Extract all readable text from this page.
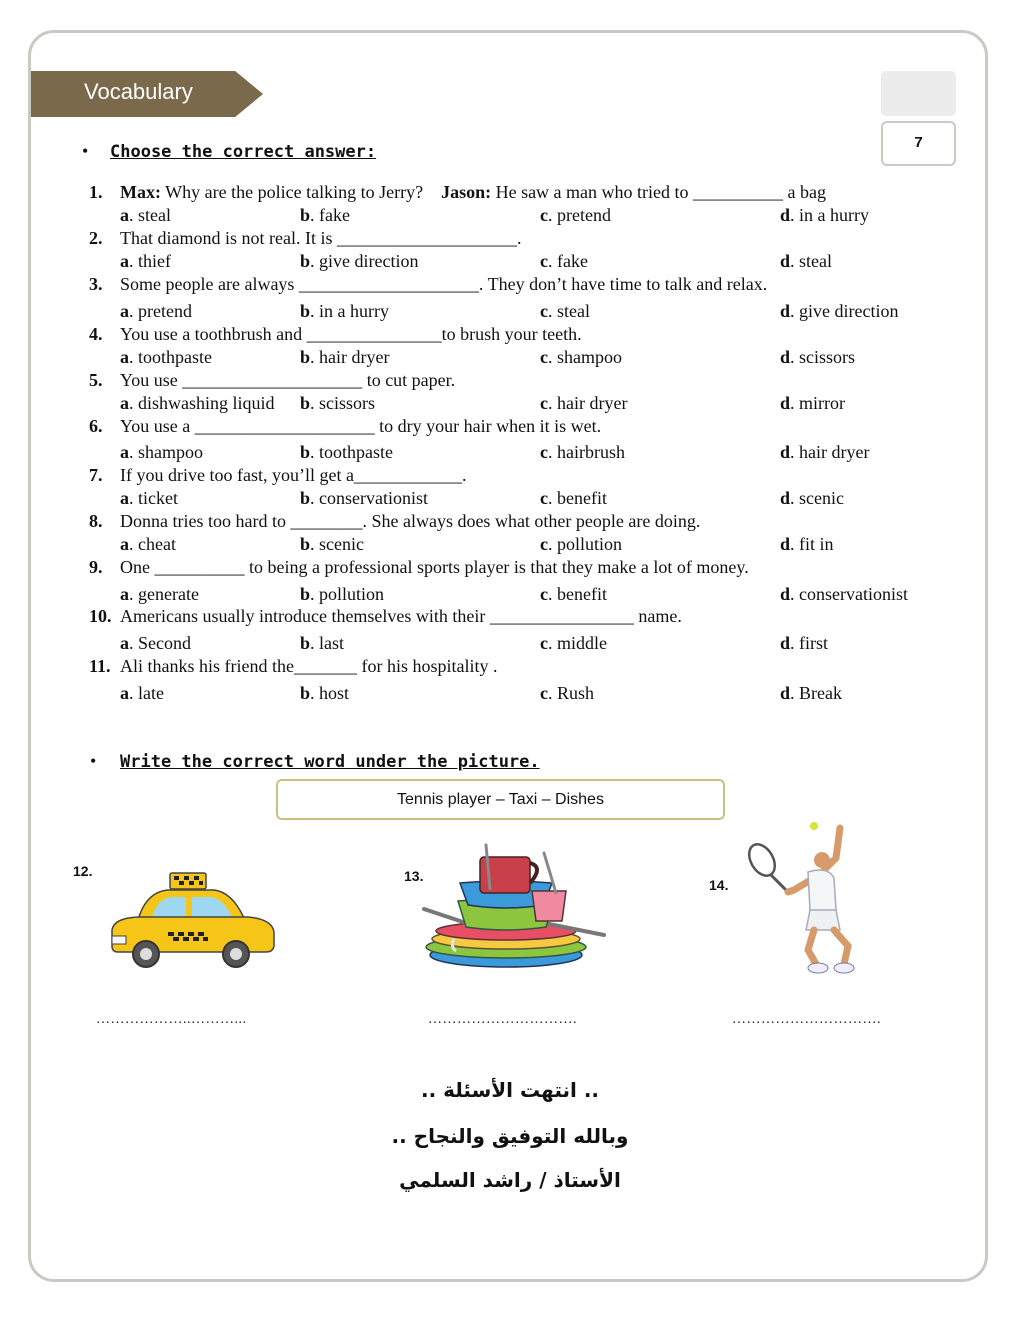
Vocabulary
7
• Choose the correct answer:
1. Max: Why are the police talking to Jerry? Jason: He saw a man who tried to __________ a bag
a. steal	b. fake	c. pretend	d. in a hurry
2. That diamond is not real. It is ____________________.
a. thief	b. give direction	c. fake	d. steal
3. Some people are always ____________________. They don’t have time to talk and relax.
a. pretend	b. in a hurry	c. steal	d. give direction
4. You use a toothbrush and _______________to brush your teeth.
a. toothpaste	b. hair dryer	c. shampoo	d. scissors
5. You use ____________________ to cut paper.
a. dishwashing liquid b. scissors	c. hair dryer	d. mirror
6. You use a ____________________ to dry your hair when it is wet.
a. shampoo	b. toothpaste	c. hairbrush	d. hair dryer
7. If you drive too fast, you’ll get a____________.
a. ticket	b. conservationist	c. benefit	d. scenic
8. Donna tries too hard to ________. She always does what other people are doing.
a. cheat	b. scenic	c. pollution	d. fit in
9. One __________ to being a professional sports player is that they make a lot of money.
a. generate	b. pollution	c. benefit	d. conservationist
10. Americans usually introduce themselves with their ________________ name.
a. Second	b. last	c. middle	d. first
11. Ali thanks his friend the_______ for his hospitality .
a. late	b. host	c. Rush	d. Break
• Write the correct word under the picture.
Tennis player – Taxi – Dishes
12.
………………..………...
13.
………………………….
14.
………………………….
.. انتهت الأسئلة ..
وبالله التوفيق والنجاح ..
الأستاذ / راشد السلمي
